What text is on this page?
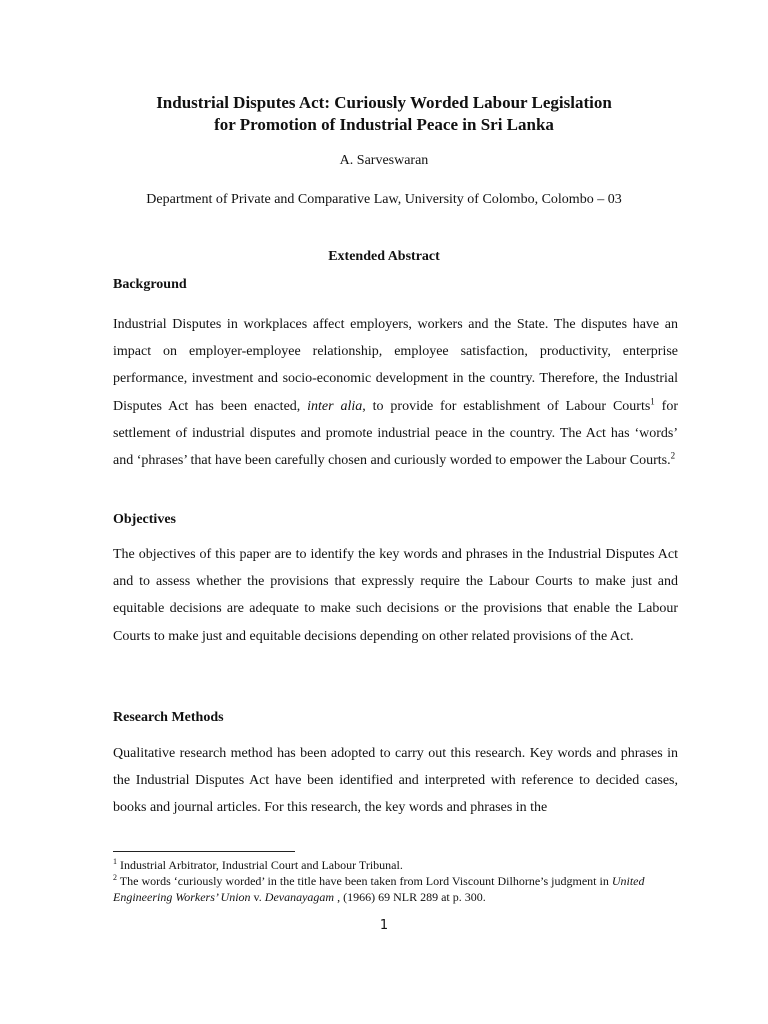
Industrial Disputes Act: Curiously Worded Labour Legislation
for Promotion of Industrial Peace in Sri Lanka
A. Sarveswaran
Department of Private and Comparative Law, University of Colombo, Colombo – 03
Extended Abstract
Background
Industrial Disputes in workplaces affect employers, workers and the State. The disputes have an impact on employer-employee relationship, employee satisfaction, productivity, enterprise performance, investment and socio-economic development in the country. Therefore, the Industrial Disputes Act has been enacted, inter alia, to provide for establishment of Labour Courts$^1$ for settlement of industrial disputes and promote industrial peace in the country. The Act has ‘words’ and ‘phrases’ that have been carefully chosen and curiously worded to empower the Labour Courts.$^2$
Objectives
The objectives of this paper are to identify the key words and phrases in the Industrial Disputes Act and to assess whether the provisions that expressly require the Labour Courts to make just and equitable decisions are adequate to make such decisions or the provisions that enable the Labour Courts to make just and equitable decisions depending on other related provisions of the Act.
Research Methods
Qualitative research method has been adopted to carry out this research. Key words and phrases in the Industrial Disputes Act have been identified and interpreted with reference to decided cases, books and journal articles. For this research, the key words and phrases in the
$^1$ Industrial Arbitrator, Industrial Court and Labour Tribunal.
$^2$ The words ‘curiously worded’ in the title have been taken from Lord Viscount Dilhorne’s judgment in United Engineering Workers’ Union v. Devanayagam , (1966) 69 NLR 289 at p. 300.
1
